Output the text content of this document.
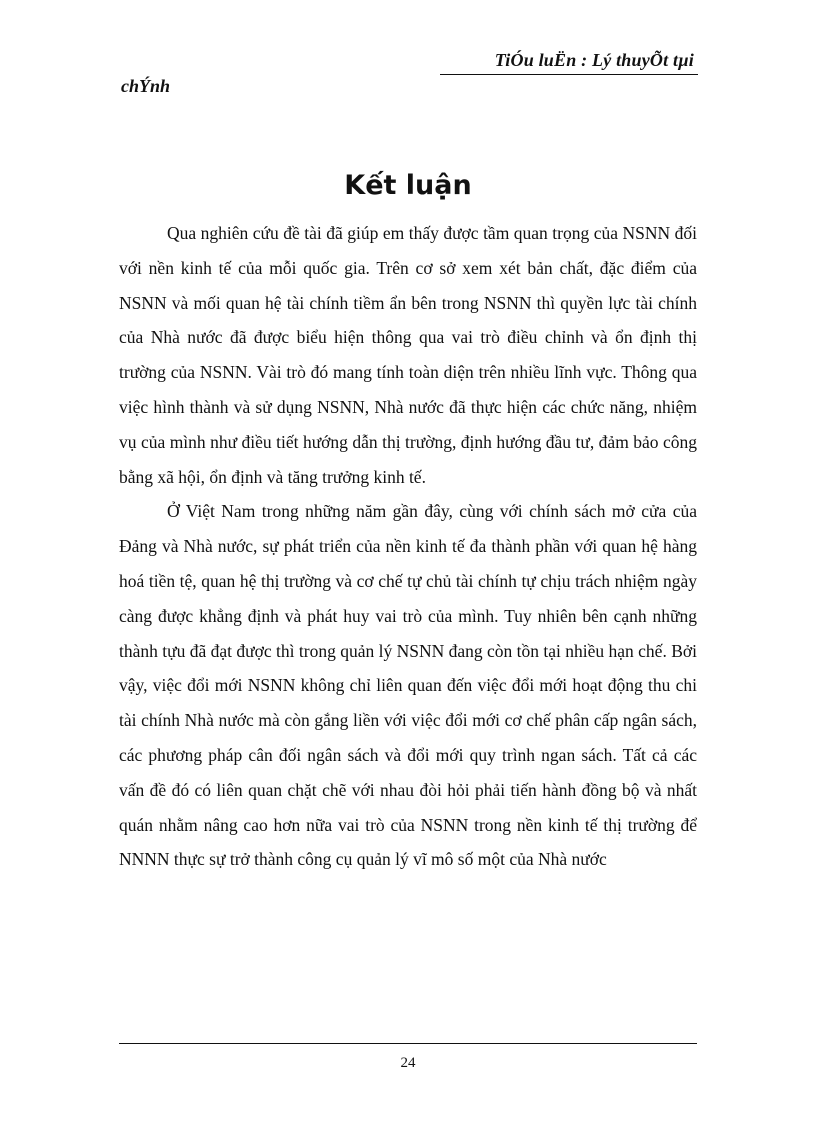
TiÓu luËn : Lý thuyÕt tµi
chÝnh
Kết luận

Qua nghiên cứu đề tài đã giúp em thấy được tầm quan trọng của NSNN đối với nền kinh tế của mỗi quốc gia. Trên cơ sở xem xét bản chất, đặc điểm của NSNN và mối quan hệ tài chính tiềm ẩn bên trong NSNN thì quyền lực tài chính của Nhà nước đã được biểu hiện thông qua vai trò điều chỉnh và ổn định thị trường của NSNN. Vài trò đó mang tính toàn diện trên nhiều lĩnh vực. Thông qua việc hình thành và sử dụng NSNN, Nhà nước đã thực hiện các chức năng, nhiệm vụ của mình như điều tiết hướng dẫn thị trường, định hướng đầu tư, đảm bảo công bằng xã hội, ổn định và tăng trưởng kinh tế.

Ở Việt Nam trong những năm gần đây, cùng với chính sách mở cửa của Đảng và Nhà nước, sự phát triển của nền kinh tế đa thành phần với quan hệ hàng hoá tiền tệ, quan hệ thị trường và cơ chế tự chủ tài chính tự chịu trách nhiệm ngày càng được khẳng định và phát huy vai trò của mình. Tuy nhiên bên cạnh những thành tựu đã đạt được thì trong quản lý NSNN đang còn tồn tại nhiều hạn chế. Bởi vậy, việc đổi mới NSNN không chỉ liên quan đến việc đổi mới hoạt động thu chi tài chính Nhà nước mà còn gắng liền với việc đổi mới cơ chế phân cấp ngân sách, các phương pháp cân đối ngân sách và đổi mới quy trình ngan sách. Tất cả các vấn đề đó có liên quan chặt chẽ với nhau đòi hỏi phải tiến hành đồng bộ và nhất quán nhằm nâng cao hơn nữa vai trò của NSNN trong nền kinh tế thị trường để NNNN thực sự trở thành công cụ quản lý vĩ mô số một của Nhà nước

24
